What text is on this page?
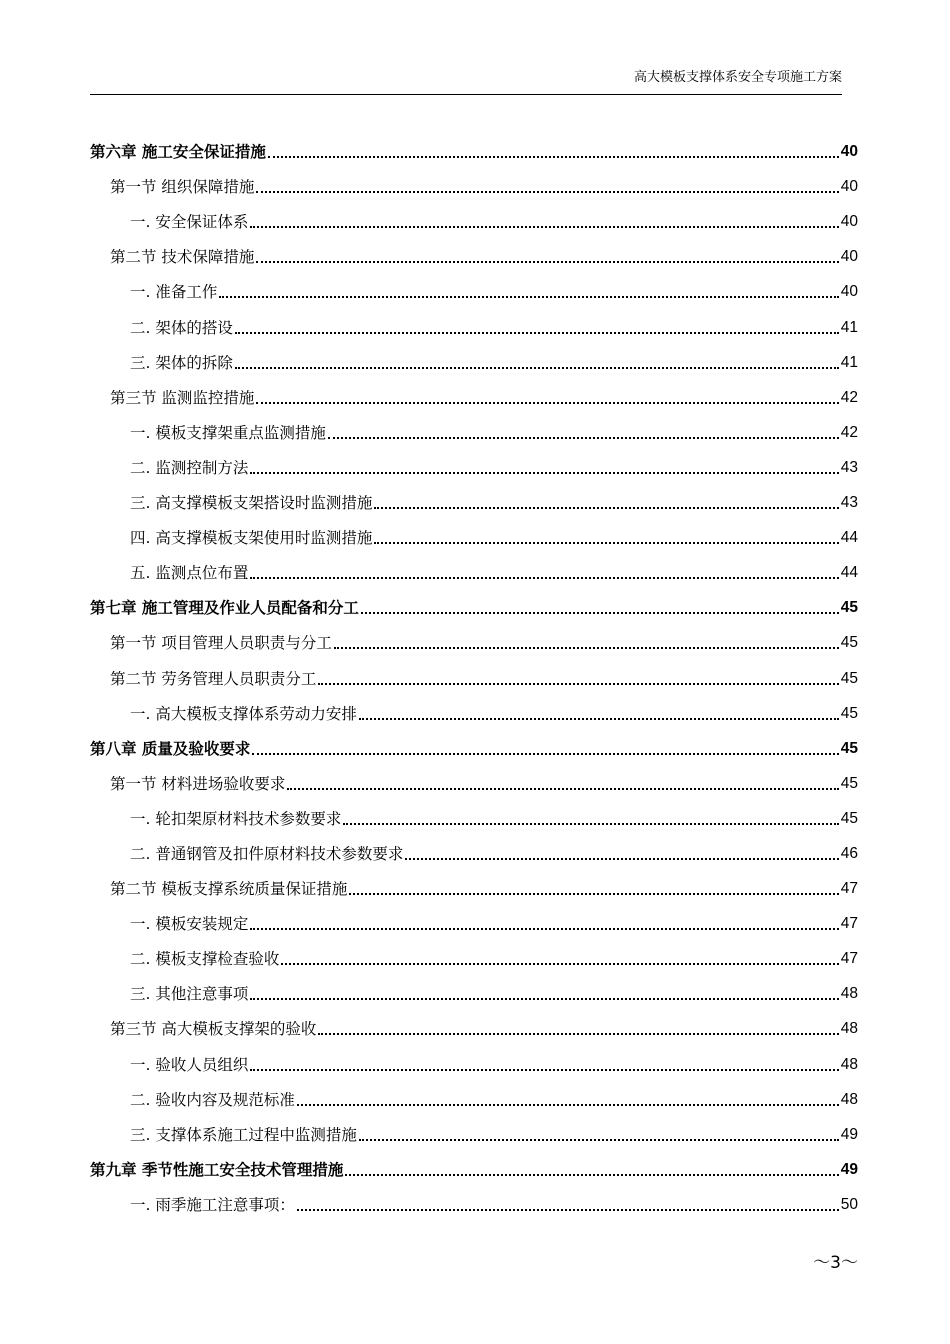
高大模板支撑体系安全专项施工方案
第六章 施工安全保证措施	40
第一节 组织保障措施	40
一. 安全保证体系	40
第二节 技术保障措施	40
一. 准备工作	40
二. 架体的搭设	41
三. 架体的拆除	41
第三节 监测监控措施	42
一. 模板支撑架重点监测措施	42
二. 监测控制方法	43
三. 高支撑模板支架搭设时监测措施	43
四. 高支撑模板支架使用时监测措施	44
五. 监测点位布置	44
第七章 施工管理及作业人员配备和分工	45
第一节 项目管理人员职责与分工	45
第二节 劳务管理人员职责分工	45
一. 高大模板支撑体系劳动力安排	45
第八章 质量及验收要求	45
第一节 材料进场验收要求	45
一. 轮扣架原材料技术参数要求	45
二. 普通钢管及扣件原材料技术参数要求	46
第二节 模板支撑系统质量保证措施	47
一. 模板安装规定	47
二. 模板支撑检查验收	47
三. 其他注意事项	48
第三节 高大模板支撑架的验收	48
一. 验收人员组织	48
二. 验收内容及规范标准	48
三. 支撑体系施工过程中监测措施	49
第九章 季节性施工安全技术管理措施	49
一. 雨季施工注意事项：	50
～3～
